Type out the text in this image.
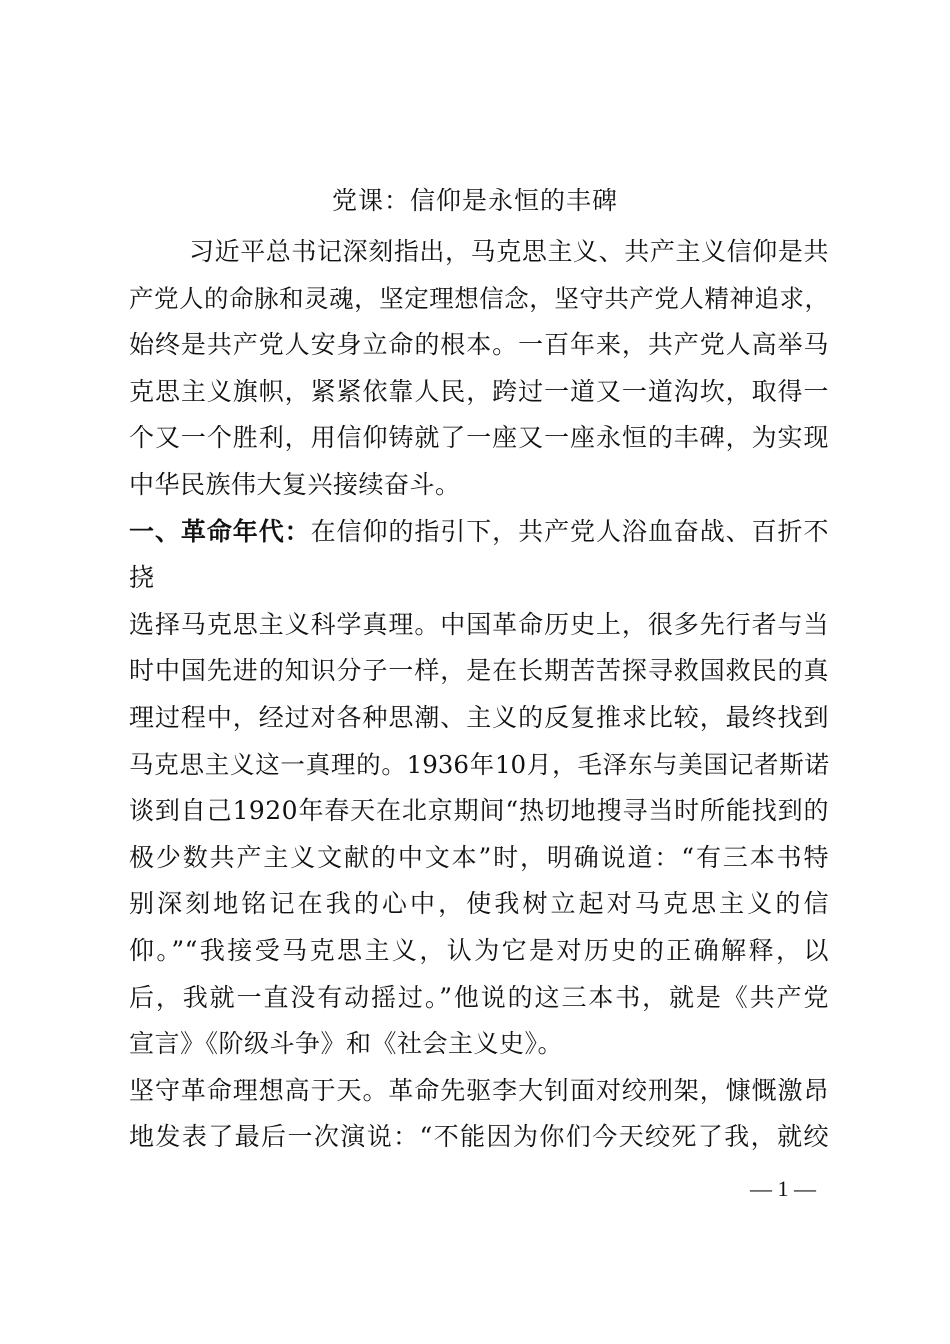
党课：信仰是永恒的丰碑
习近平总书记深刻指出，马克思主义、共产主义信仰是共
产党人的命脉和灵魂，坚定理想信念，坚守共产党人精神追求，
始终是共产党人安身立命的根本。一百年来，共产党人高举马
克思主义旗帜，紧紧依靠人民，跨过一道又一道沟坎，取得一
个又一个胜利，用信仰铸就了一座又一座永恒的丰碑，为实现
中华民族伟大复兴接续奋斗。
一、革命年代：在信仰的指引下，共产党人浴血奋战、百折不
挠
选择马克思主义科学真理。中国革命历史上，很多先行者与当
时中国先进的知识分子一样，是在长期苦苦探寻救国救民的真
理过程中，经过对各种思潮、主义的反复推求比较，最终找到
马克思主义这一真理的。1936年10月，毛泽东与美国记者斯诺
谈到自己1920年春天在北京期间“热切地搜寻当时所能找到的
极少数共产主义文献的中文本”时，明确说道：“有三本书特
别深刻地铭记在我的心中，使我树立起对马克思主义的信
仰。”“我接受马克思主义，认为它是对历史的正确解释，以
后，我就一直没有动摇过。”他说的这三本书，就是《共产党
宣言》《阶级斗争》和《社会主义史》。
坚守革命理想高于天。革命先驱李大钊面对绞刑架，慷慨激昂
地发表了最后一次演说：“不能因为你们今天绞死了我，就绞
— 1 —
